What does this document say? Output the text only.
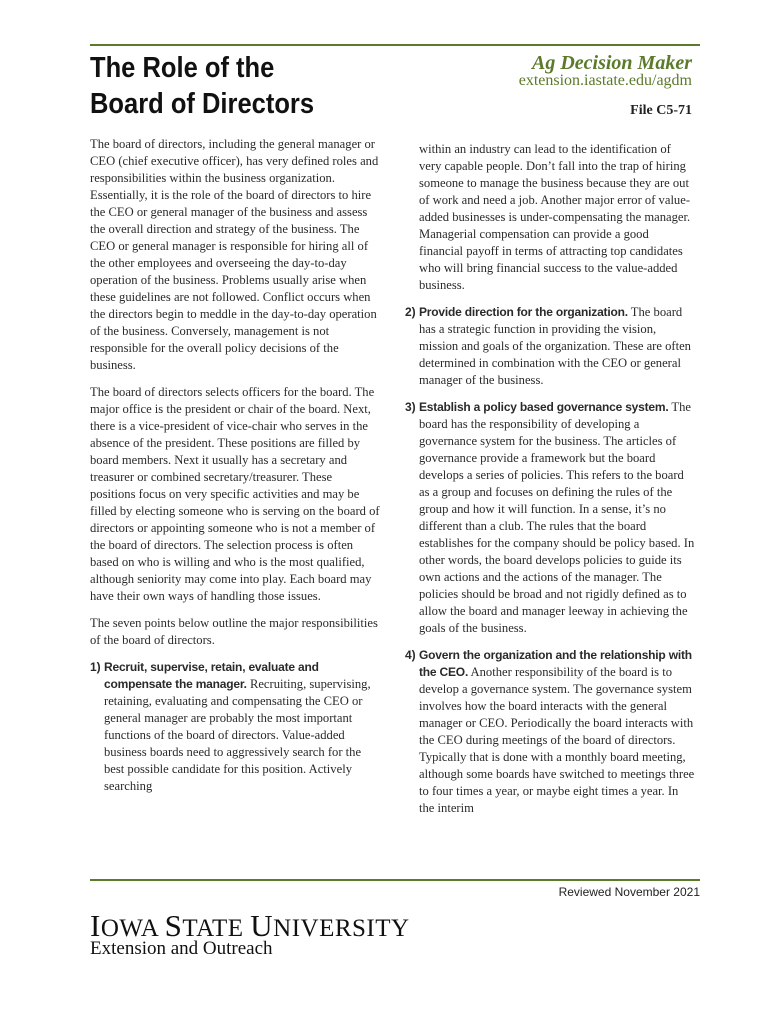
The Role of the
Board of Directors
Ag Decision Maker
extension.iastate.edu/agdm
File C5-71

The board of directors, including the general manager or CEO (chief executive officer), has very defined roles and responsibilities within the business organization. Essentially, it is the role of the board of directors to hire the CEO or general manager of the business and assess the overall direction and strategy of the business. The CEO or general manager is responsible for hiring all of the other employees and overseeing the day-to-day operation of the business. Problems usually arise when these guidelines are not followed. Conflict occurs when the directors begin to meddle in the day-to-day operation of the business. Conversely, management is not responsible for the overall policy decisions of the business.

The board of directors selects officers for the board. The major office is the president or chair of the board. Next, there is a vice-president of vice-chair who serves in the absence of the president. These positions are filled by board members. Next it usually has a secretary and treasurer or combined secretary/treasurer. These positions focus on very specific activities and may be filled by electing someone who is serving on the board of directors or appointing someone who is not a member of the board of directors. The selection process is often based on who is willing and who is the most qualified, although seniority may come into play. Each board may have their own ways of handling those issues.

The seven points below outline the major responsibilities of the board of directors.

1) Recruit, supervise, retain, evaluate and compensate the manager. Recruiting, supervising, retaining, evaluating and compensating the CEO or general manager are probably the most important functions of the board of directors. Value-added business boards need to aggressively search for the best possible candidate for this position. Actively searching
within an industry can lead to the identification of very capable people. Don’t fall into the trap of hiring someone to manage the business because they are out of work and need a job. Another major error of value-added businesses is under-compensating the manager. Managerial compensation can provide a good financial payoff in terms of attracting top candidates who will bring financial success to the value-added business.
2) Provide direction for the organization. The board has a strategic function in providing the vision, mission and goals of the organization. These are often determined in combination with the CEO or general manager of the business.
3) Establish a policy based governance system. The board has the responsibility of developing a governance system for the business. The articles of governance provide a framework but the board develops a series of policies. This refers to the board as a group and focuses on defining the rules of the group and how it will function. In a sense, it’s no different than a club. The rules that the board establishes for the company should be policy based. In other words, the board develops policies to guide its own actions and the actions of the manager. The policies should be broad and not rigidly defined as to allow the board and manager leeway in achieving the goals of the business.
4) Govern the organization and the relationship with the CEO. Another responsibility of the board is to develop a governance system. The governance system involves how the board interacts with the general manager or CEO. Periodically the board interacts with the CEO during meetings of the board of directors. Typically that is done with a monthly board meeting, although some boards have switched to meetings three to four times a year, or maybe eight times a year. In the interim
Reviewed November 2021
IOWA STATE UNIVERSITY
Extension and Outreach
